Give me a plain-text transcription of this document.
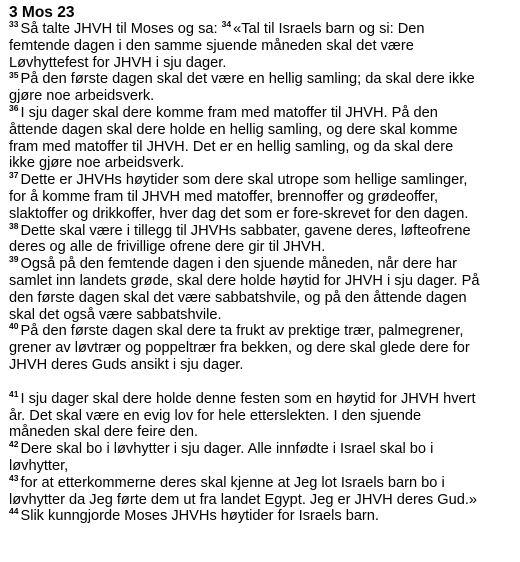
3 Mos 23
$^{33}$ Så talte JHVH til Moses og sa: $^{34}$ «Tal til Israels barn og si: Den
femtende dagen i den samme sjuende måneden skal det være
Løvhyttefest for JHVH i sju dager.
$^{35}$ På den første dagen skal det være en hellig samling; da skal dere ikke
gjøre noe arbeidsverk.
$^{36}$ I sju dager skal dere komme fram med matoffer til JHVH. På den
åttende dagen skal dere holde en hellig samling, og dere skal komme
fram med matoffer til JHVH. Det er en hellig samling, og da skal dere
ikke gjøre noe arbeidsverk.
$^{37}$ Dette er JHVHs høytider som dere skal utrope som hellige samlinger,
for å komme fram til JHVH med matoffer, brennoffer og grødeoffer,
slaktoffer og drikkoffer, hver dag det som er fore-skrevet for den dagen.
$^{38}$ Dette skal være i tillegg til JHVHs sabbater, gavene deres, løfteofrene
deres og alle de frivillige ofrene dere gir til JHVH.
$^{39}$ Også på den femtende dagen i den sjuende måneden, når dere har
samlet inn landets grøde, skal dere holde høytid for JHVH i sju dager. På
den første dagen skal det være sabbatshvile, og på den åttende dagen
skal det også være sabbatshvile.
$^{40}$ På den første dagen skal dere ta frukt av prektige trær, palmegrener,
grener av løvtrær og poppeltrær fra bekken, og dere skal glede dere for
JHVH deres Guds ansikt i sju dager.
$^{41}$ I sju dager skal dere holde denne festen som en høytid for JHVH hvert
år. Det skal være en evig lov for hele etterslekten. I den sjuende
måneden skal dere feire den.
$^{42}$ Dere skal bo i løvhytter i sju dager. Alle innfødte i Israel skal bo i
løvhytter,
$^{43}$ for at etterkommerne deres skal kjenne at Jeg lot Israels barn bo i
løvhytter da Jeg førte dem ut fra landet Egypt. Jeg er JHVH deres Gud.»
$^{44}$ Slik kunngjorde Moses JHVHs høytider for Israels barn.
